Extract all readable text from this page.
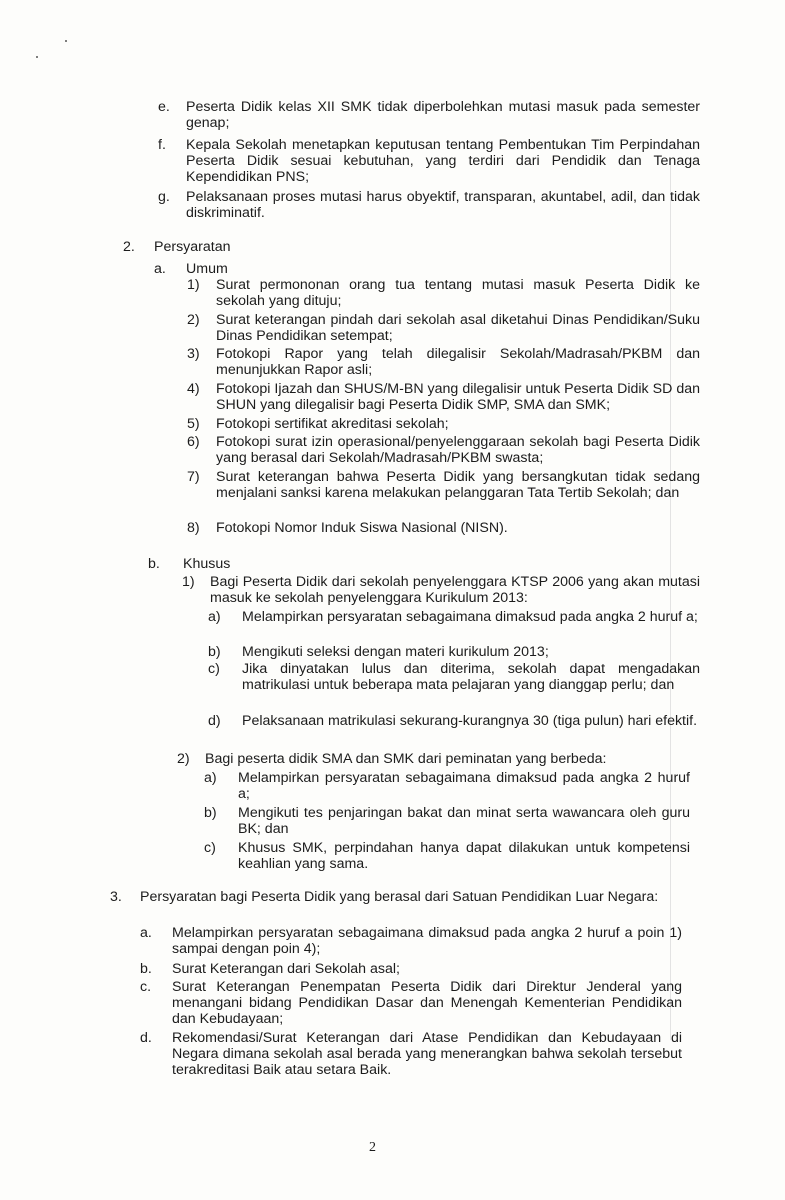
e. Peserta Didik kelas XII SMK tidak diperbolehkan mutasi masuk pada semester genap;
f. Kepala Sekolah menetapkan keputusan tentang Pembentukan Tim Perpindahan Peserta Didik sesuai kebutuhan, yang terdiri dari Pendidik dan Tenaga Kependidikan PNS;
g. Pelaksanaan proses mutasi harus obyektif, transparan, akuntabel, adil, dan tidak diskriminatif.
2. Persyaratan
a. Umum
1) Surat permononan orang tua tentang mutasi masuk Peserta Didik ke sekolah yang dituju;
2) Surat keterangan pindah dari sekolah asal diketahui Dinas Pendidikan/Suku Dinas Pendidikan setempat;
3) Fotokopi Rapor yang telah dilegalisir Sekolah/Madrasah/PKBM dan menunjukkan Rapor asli;
4) Fotokopi Ijazah dan SHUS/M-BN yang dilegalisir untuk Peserta Didik SD dan SHUN yang dilegalisir bagi Peserta Didik SMP, SMA dan SMK;
5) Fotokopi sertifikat akreditasi sekolah;
6) Fotokopi surat izin operasional/penyelenggaraan sekolah bagi Peserta Didik yang berasal dari Sekolah/Madrasah/PKBM swasta;
7) Surat keterangan bahwa Peserta Didik yang bersangkutan tidak sedang menjalani sanksi karena melakukan pelanggaran Tata Tertib Sekolah; dan
8) Fotokopi Nomor Induk Siswa Nasional (NISN).
b. Khusus
1) Bagi Peserta Didik dari sekolah penyelenggara KTSP 2006 yang akan mutasi masuk ke sekolah penyelenggara Kurikulum 2013:
a) Melampirkan persyaratan sebagaimana dimaksud pada angka 2 huruf a;
b) Mengikuti seleksi dengan materi kurikulum 2013;
c) Jika dinyatakan lulus dan diterima, sekolah dapat mengadakan matrikulasi untuk beberapa mata pelajaran yang dianggap perlu; dan
d) Pelaksanaan matrikulasi sekurang-kurangnya 30 (tiga pulun) hari efektif.
2) Bagi peserta didik SMA dan SMK dari peminatan yang berbeda:
a) Melampirkan persyaratan sebagaimana dimaksud pada angka 2 huruf a;
b) Mengikuti tes penjaringan bakat dan minat serta wawancara oleh guru BK; dan
c) Khusus SMK, perpindahan hanya dapat dilakukan untuk kompetensi keahlian yang sama.
3. Persyaratan bagi Peserta Didik yang berasal dari Satuan Pendidikan Luar Negara:
a. Melampirkan persyaratan sebagaimana dimaksud pada angka 2 huruf a poin 1) sampai dengan poin 4);
b. Surat Keterangan dari Sekolah asal;
c. Surat Keterangan Penempatan Peserta Didik dari Direktur Jenderal yang menangani bidang Pendidikan Dasar dan Menengah Kementerian Pendidikan dan Kebudayaan;
d. Rekomendasi/Surat Keterangan dari Atase Pendidikan dan Kebudayaan di Negara dimana sekolah asal berada yang menerangkan bahwa sekolah tersebut terakreditasi Baik atau setara Baik.
2
